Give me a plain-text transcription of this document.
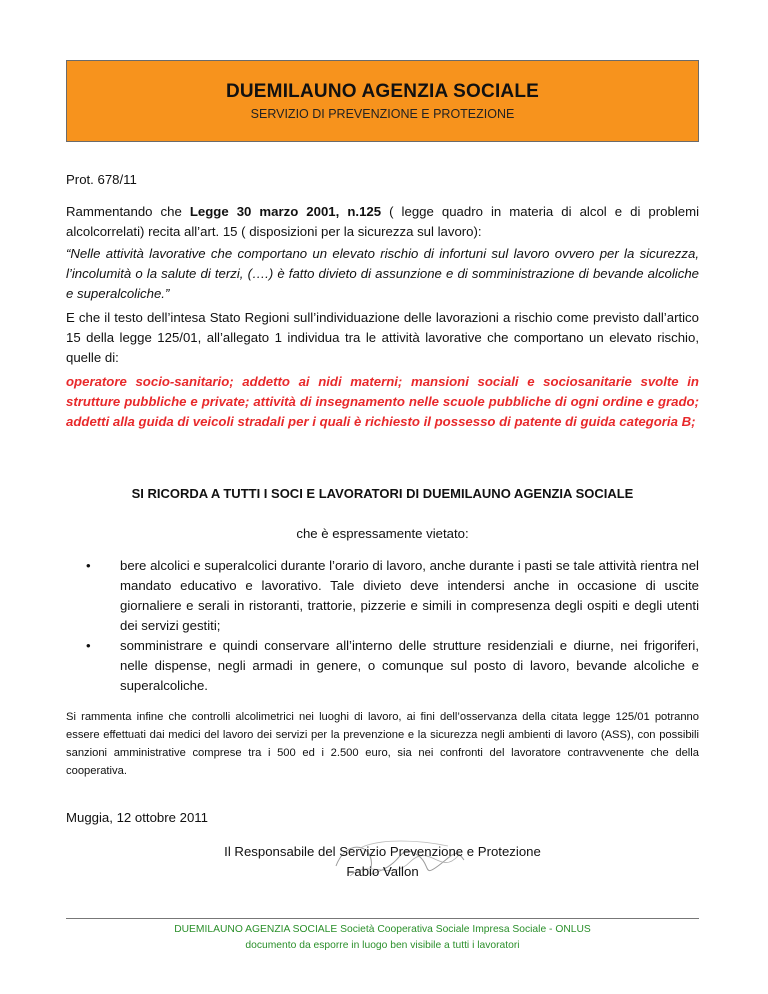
DUEMILAUNO AGENZIA SOCIALE
SERVIZIO DI PREVENZIONE E PROTEZIONE
Prot. 678/11
Rammentando che Legge 30 marzo 2001, n.125 ( legge quadro in materia di alcol e di problemi alcolcorrelati) recita all’art. 15 ( disposizioni per la sicurezza sul lavoro):
“Nelle attività lavorative che comportano un elevato rischio di infortuni sul lavoro ovvero per la sicurezza, l’incolumità o la salute di terzi, (….) è fatto divieto di assunzione e di somministrazione di bevande alcoliche e superalcoliche.”
E che il testo dell’intesa Stato Regioni sull’individuazione delle lavorazioni a rischio come previsto dall’artico 15 della legge 125/01, all’allegato 1 individua tra le attività lavorative che comportano un elevato rischio, quelle di:
operatore socio-sanitario; addetto ai nidi materni; mansioni sociali e sociosanitarie svolte in strutture pubbliche e private; attività di insegnamento nelle scuole pubbliche di ogni ordine e grado; addetti alla guida di veicoli stradali per i quali è richiesto il possesso di patente di guida categoria B;
SI RICORDA A TUTTI I SOCI E LAVORATORI DI DUEMILAUNO AGENZIA SOCIALE
che è espressamente vietato:
• bere alcolici e superalcolici durante l’orario di lavoro, anche durante i pasti se tale attività rientra nel mandato educativo e lavorativo. Tale divieto deve intendersi anche in occasione di uscite giornaliere e serali in ristoranti, trattorie, pizzerie e simili in compresenza degli ospiti e degli utenti dei servizi gestiti;
• somministrare e quindi conservare all’interno delle strutture residenziali e diurne, nei frigoriferi, nelle dispense, negli armadi in genere, o comunque sul posto di lavoro, bevande alcoliche e superalcoliche.
Si rammenta infine che controlli alcolimetrici nei luoghi di lavoro, ai fini dell’osservanza della citata legge 125/01 potranno essere effettuati dai medici del lavoro dei servizi per la prevenzione e la sicurezza negli ambienti di lavoro (ASS), con possibili sanzioni amministrative comprese tra i 500 ed i 2.500 euro, sia nei confronti del lavoratore contravvenente che della cooperativa.
Muggia, 12 ottobre 2011
Il Responsabile del Servizio Prevenzione e Protezione
Fabio Vallon
DUEMILAUNO AGENZIA SOCIALE Società Cooperativa Sociale Impresa Sociale - ONLUS
documento da esporre in luogo ben visibile a tutti i lavoratori
